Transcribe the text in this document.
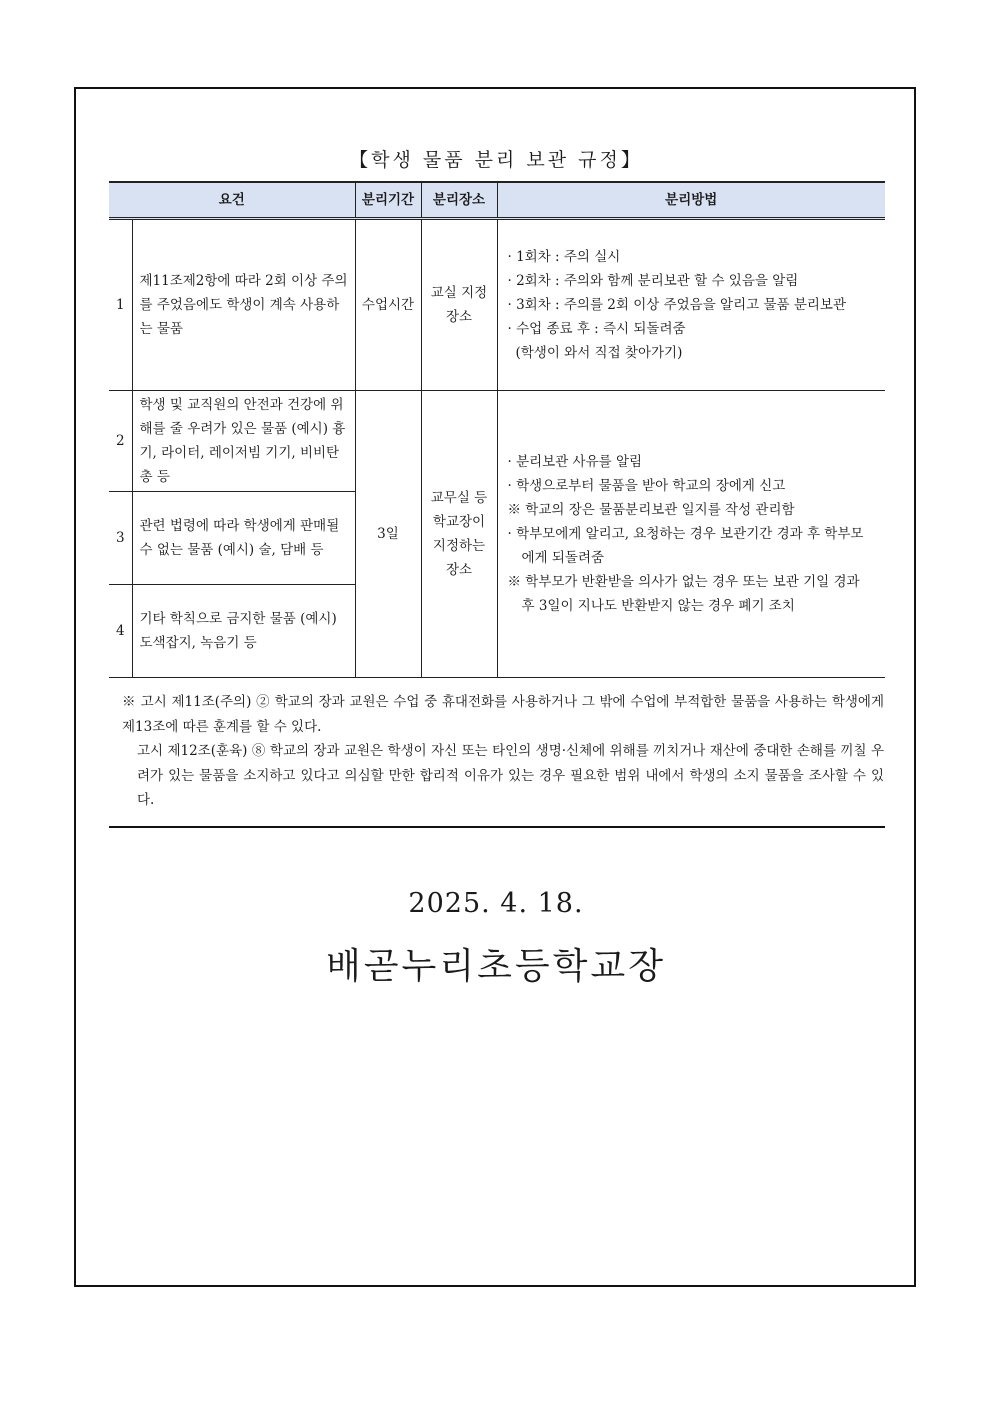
【학생 물품 분리 보관 규정】
요건		분리기간	분리장소	분리방법
1	제11조제2항에 따라 2회 이상 주의를 주었음에도 학생이 계속 사용하는 물품	수업시간	교실 지정 장소	· 1회차 : 주의 실시
· 2회차 : 주의와 함께 분리보관 할 수 있음을 알림
· 3회차 : 주의를 2회 이상 주었음을 알리고 물품 분리보관
· 수업 종료 후 : 즉시 되돌려줌
(학생이 와서 직접 찾아가기)

2	학생 및 교직원의 안전과 건강에 위해를 줄 우려가 있은 물품 (예시) 흉기, 라이터, 레이저빔 기기, 비비탄총 등	3일	교무실 등 학교장이 지정하는 장소	· 분리보관 사유를 알림
· 학생으로부터 물품을 받아 학교의 장에게 신고
※ 학교의 장은 물품분리보관 일지를 작성 관리함
· 학부모에게 알리고, 요청하는 경우 보관기간 경과 후 학부모에게 되돌려줌
※ 학부모가 반환받을 의사가 없는 경우 또는 보관 기일 경과 후 3일이 지나도 반환받지 않는 경우 폐기 조치

3	관련 법령에 따라 학생에게 판매될 수 없는 물품 (예시) 술, 담배 등			
4	기타 학칙으로 금지한 물품 (예시) 도색잡지, 녹음기 등			
※ 고시 제11조(주의) ② 학교의 장과 교원은 수업 중 휴대전화를 사용하거나 그 밖에 수업에 부적합한 물품을 사용하는 학생에게 제13조에 따른 훈계를 할 수 있다.
고시 제12조(훈육) ⑧ 학교의 장과 교원은 학생이 자신 또는 타인의 생명·신체에 위해를 끼치거나 재산에 중대한 손해를 끼칠 우려가 있는 물품을 소지하고 있다고 의심할 만한 합리적 이유가 있는 경우 필요한 범위 내에서 학생의 소지 물품을 조사할 수 있다.
2025. 4. 18.
배곧누리초등학교장
